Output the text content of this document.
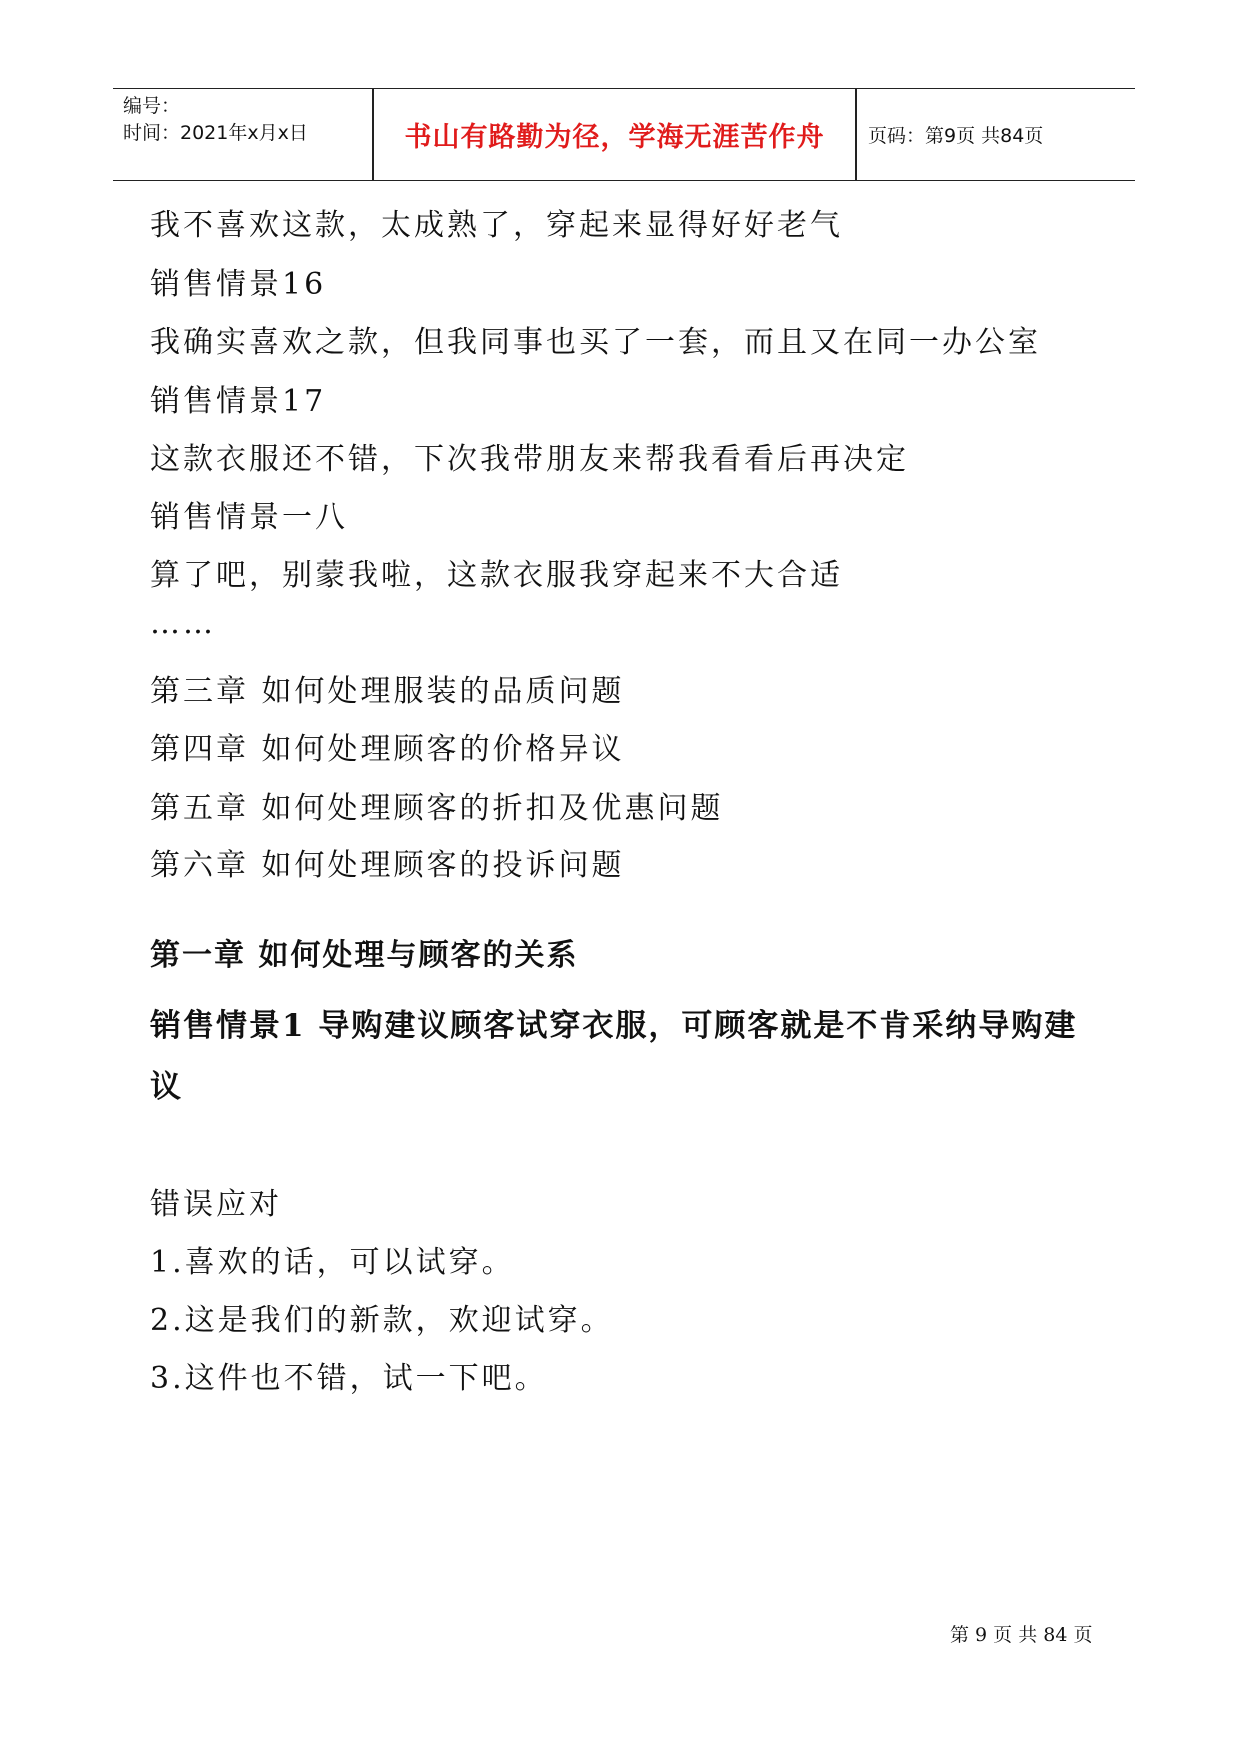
编号：
时间：2021年x月x日	书山有路勤为径，学海无涯苦作舟	页码：第9页 共84页
我不喜欢这款，太成熟了，穿起来显得好好老气
销售情景16
我确实喜欢之款，但我同事也买了一套，而且又在同一办公室
销售情景17
这款衣服还不错，下次我带朋友来帮我看看后再决定
销售情景一八
算了吧，别蒙我啦，这款衣服我穿起来不大合适
……
第三章 如何处理服装的品质问题
第四章 如何处理顾客的价格异议
第五章 如何处理顾客的折扣及优惠问题
第六章 如何处理顾客的投诉问题
第一章 如何处理与顾客的关系
销售情景1 导购建议顾客试穿衣服，可顾客就是不肯采纳导购建
议
错误应对
1.喜欢的话，可以试穿。
2.这是我们的新款，欢迎试穿。
3.这件也不错，试一下吧。
第 9 页 共 84 页
